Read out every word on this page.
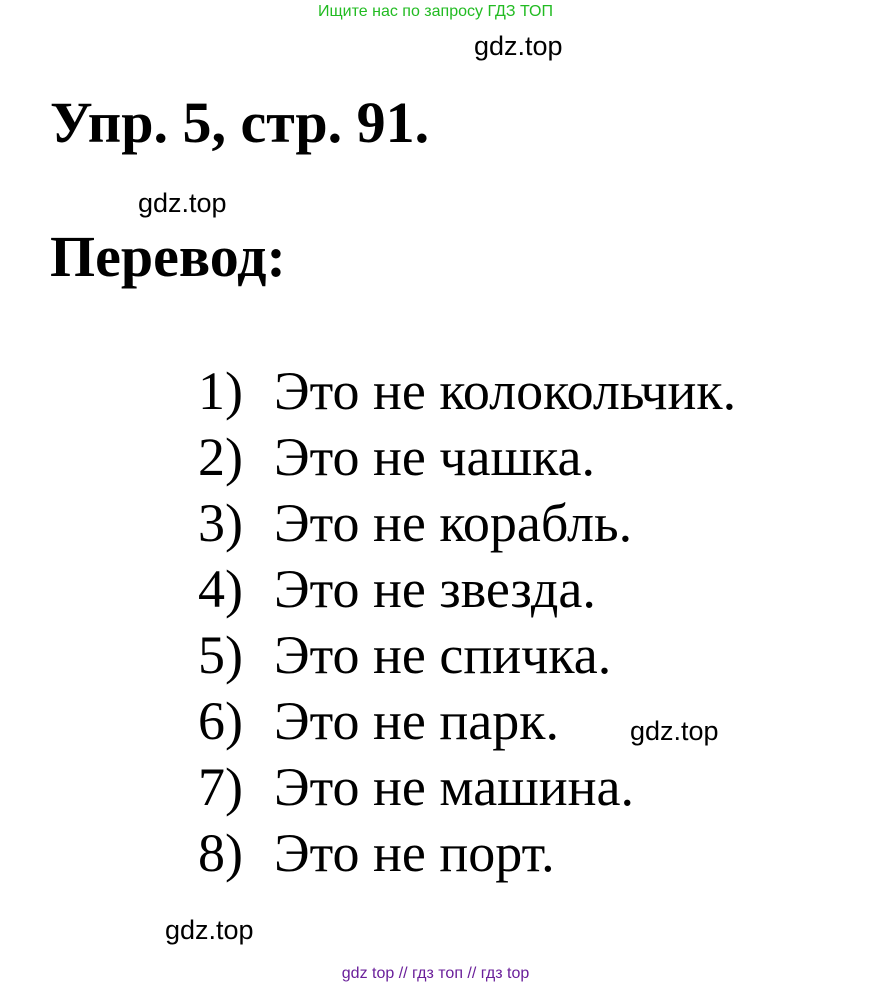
Ищите нас по запросу ГДЗ ТОП
gdz.top
Упр. 5, стр. 91.
gdz.top
Перевод:
1) Это не колокольчик.
2) Это не чашка.
3) Это не корабль.
4) Это не звезда.
5) Это не спичка.
6) Это не парк.
7) Это не машина.
8) Это не порт.
gdz.top
gdz.top
gdz top // гдз топ // гдз top
